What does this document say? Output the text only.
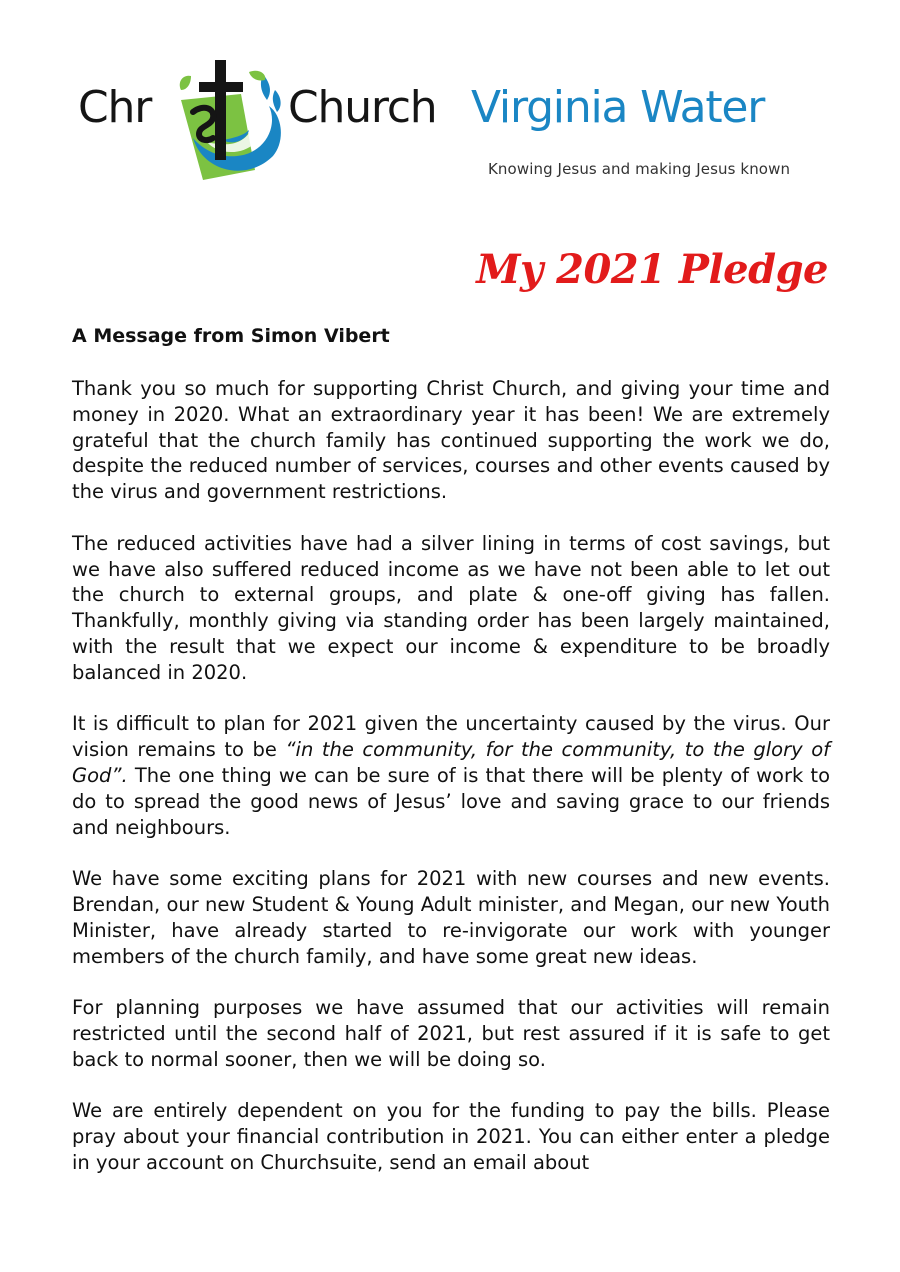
Chr	Church Virginia Water
Knowing Jesus and making Jesus known
My 2021 Pledge
A Message from Simon Vibert

Thank you so much for supporting Christ Church, and giving your time and money in 2020. What an extraordinary year it has been! We are extremely grateful that the church family has continued supporting the work we do, despite the reduced number of services, courses and other events caused by the virus and government restrictions.

The reduced activities have had a silver lining in terms of cost savings, but we have also suffered reduced income as we have not been able to let out the church to external groups, and plate & one-off giving has fallen. Thankfully, monthly giving via standing order has been largely maintained, with the result that we expect our income & expenditure to be broadly balanced in 2020.

It is difficult to plan for 2021 given the uncertainty caused by the virus. Our vision remains to be “in the community, for the community, to the glory of God”. The one thing we can be sure of is that there will be plenty of work to do to spread the good news of Jesus’ love and saving grace to our friends and neighbours.

We have some exciting plans for 2021 with new courses and new events. Brendan, our new Student & Young Adult minister, and Megan, our new Youth Minister, have already started to re-invigorate our work with younger members of the church family, and have some great new ideas.

For planning purposes we have assumed that our activities will remain restricted until the second half of 2021, but rest assured if it is safe to get back to normal sooner, then we will be doing so.

We are entirely dependent on you for the funding to pay the bills. Please pray about your financial contribution in 2021. You can either enter a pledge in your account on Churchsuite, send an email about
